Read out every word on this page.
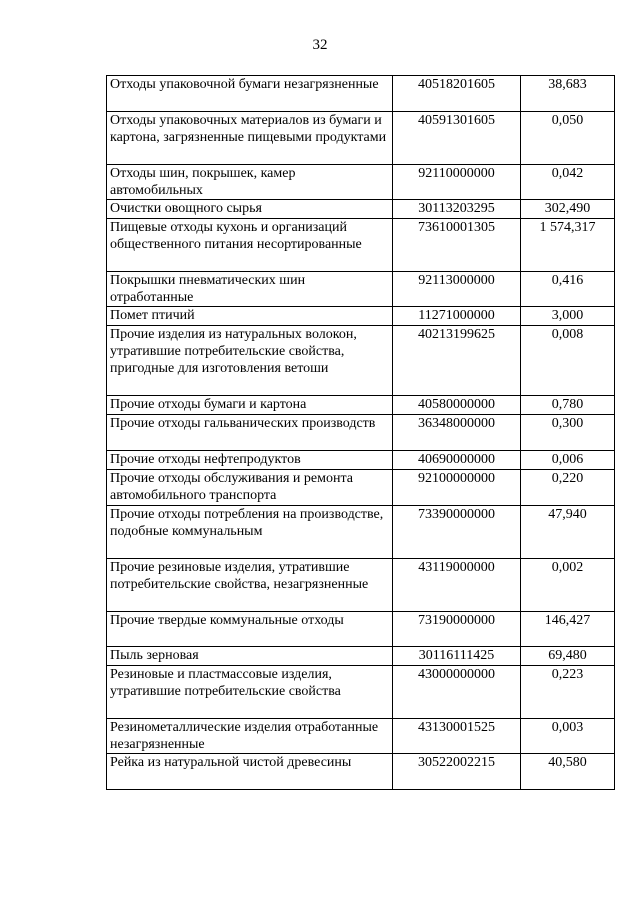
32
Отходы упаковочной бумаги незагрязненные	40518201605	38,683
Отходы упаковочных материалов из бумаги и картона, загрязненные пищевыми продуктами	40591301605	0,050
Отходы шин, покрышек, камер автомобильных	92110000000	0,042
Очистки овощного сырья	30113203295	302,490
Пищевые отходы кухонь и организаций общественного питания несортированные	73610001305	1 574,317
Покрышки пневматических шин отработанные	92113000000	0,416
Помет птичий	11271000000	3,000
Прочие изделия из натуральных волокон, утратившие потребительские свойства, пригодные для изготовления ветоши	40213199625	0,008
Прочие отходы бумаги и картона	40580000000	0,780
Прочие отходы гальванических производств	36348000000	0,300
Прочие отходы нефтепродуктов	40690000000	0,006
Прочие отходы обслуживания и ремонта автомобильного транспорта	92100000000	0,220
Прочие отходы потребления на производстве, подобные коммунальным	73390000000	47,940
Прочие резиновые изделия, утратившие потребительские свойства, незагрязненные	43119000000	0,002
Прочие твердые коммунальные отходы	73190000000	146,427
Пыль зерновая	30116111425	69,480
Резиновые и пластмассовые изделия, утратившие потребительские свойства	43000000000	0,223
Резинометаллические изделия отработанные незагрязненные	43130001525	0,003
Рейка из натуральной чистой древесины	30522002215	40,580
